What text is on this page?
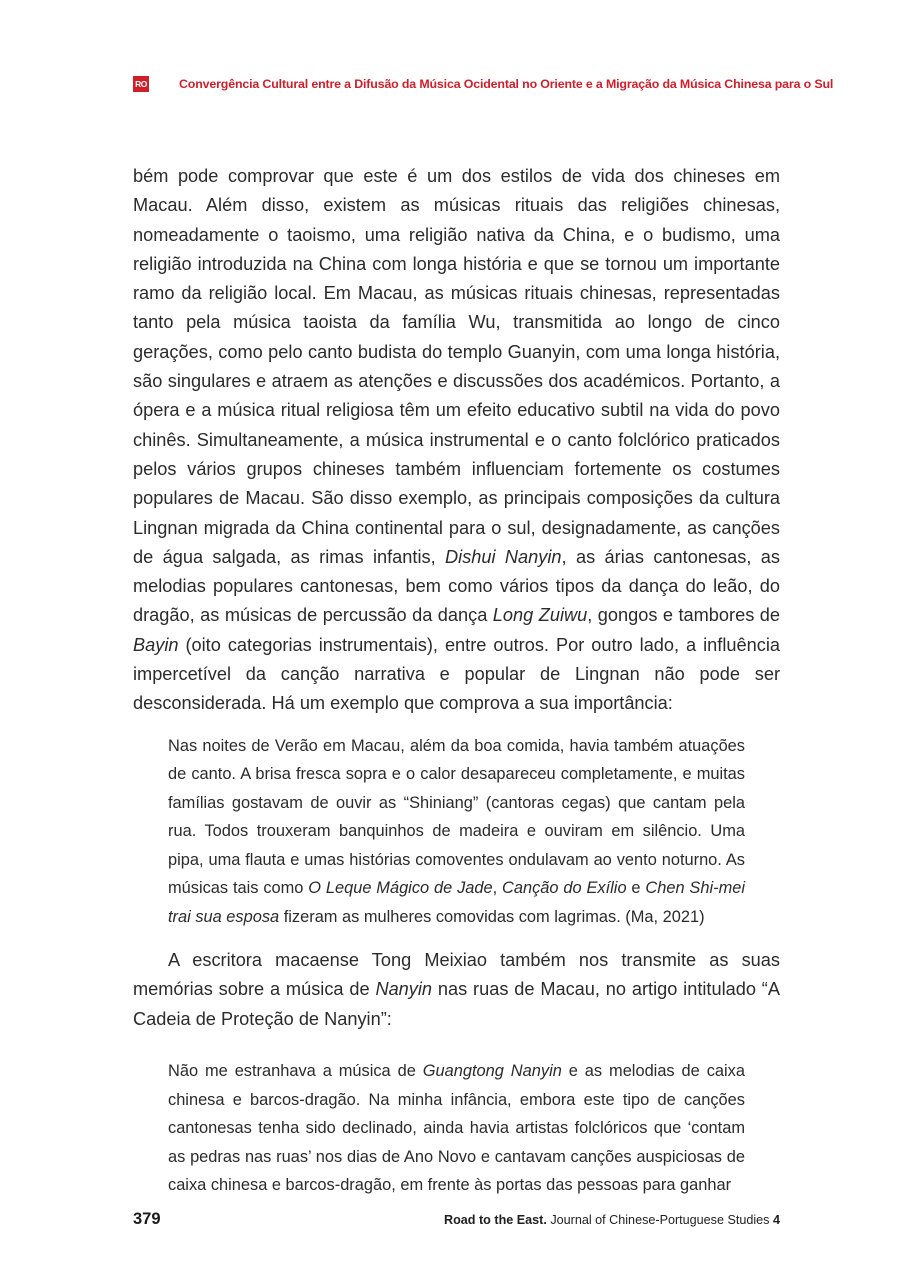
RO	Convergência Cultural entre a Difusão da Música Ocidental no Oriente e a Migração da Música Chinesa para o Sul

bém pode comprovar que este é um dos estilos de vida dos chineses em Macau. Além disso, existem as músicas rituais das religiões chinesas, nomeadamente o taoismo, uma religião nativa da China, e o budismo, uma religião introduzida na China com longa história e que se tornou um importante ramo da religião local. Em Macau, as músicas rituais chinesas, representadas tanto pela música taoista da família Wu, transmitida ao longo de cinco gerações, como pelo canto budista do templo Guanyin, com uma longa história, são singulares e atraem as atenções e discussões dos académicos. Portanto, a ópera e a música ritual religiosa têm um efeito educativo subtil na vida do povo chinês. Simultaneamente, a música instrumental e o canto folclórico praticados pelos vários grupos chineses também influenciam fortemente os costumes populares de Macau. São disso exemplo, as principais composições da cultura Lingnan migrada da China continental para o sul, designadamente, as canções de água salgada, as rimas infantis, Dishui Nanyin, as árias cantonesas, as melodias populares cantonesas, bem como vários tipos da dança do leão, do dragão, as músicas de percussão da dança Long Zuiwu, gongos e tambores de Bayin (oito categorias instrumentais), entre outros. Por outro lado, a influência impercetível da canção narrativa e popular de Lingnan não pode ser desconsiderada. Há um exemplo que comprova a sua importância:

Nas noites de Verão em Macau, além da boa comida, havia também atuações de canto. A brisa fresca sopra e o calor desapareceu completamente, e muitas famílias gostavam de ouvir as “Shiniang” (cantoras cegas) que cantam pela rua. Todos trouxeram banquinhos de madeira e ouviram em silêncio. Uma pipa, uma flauta e umas histórias comoventes ondulavam ao vento noturno. As músicas tais como O Leque Mágico de Jade, Canção do Exílio e Chen Shi-mei trai sua esposa fizeram as mulheres comovidas com lagrimas. (Ma, 2021)

A escritora macaense Tong Meixiao também nos transmite as suas memórias sobre a música de Nanyin nas ruas de Macau, no artigo intitulado “A Cadeia de Proteção de Nanyin”:

Não me estranhava a música de Guangtong Nanyin e as melodias de caixa chinesa e barcos-dragão. Na minha infância, embora este tipo de canções cantonesas tenha sido declinado, ainda havia artistas folclóricos que ‘contam as pedras nas ruas’ nos dias de Ano Novo e cantavam canções auspiciosas de caixa chinesa e barcos-dragão, em frente às portas das pessoas para ganhar
379	Road to the East. Journal of Chinese-Portuguese Studies 4
